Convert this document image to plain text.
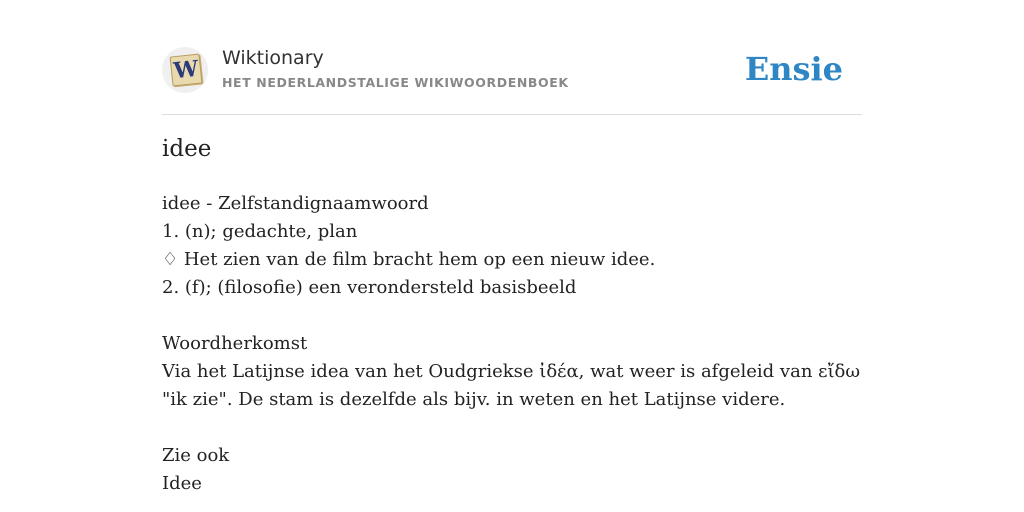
W Wiktionary
HET NEDERLANDSTALIGE WIKIWOORDENBOEK	Ensie
idee
idee - Zelfstandignaamwoord
1. (n); gedachte, plan
♢ Het zien van de film bracht hem op een nieuw idee.
2. (f); (filosofie) een verondersteld basisbeeld
Woordherkomst
Via het Latijnse idea van het Oudgriekse ἰδέα, wat weer is afgeleid van εἴδω "ik zie". De stam is dezelfde als bijv. in weten en het Latijnse videre.
Zie ook
Idee
